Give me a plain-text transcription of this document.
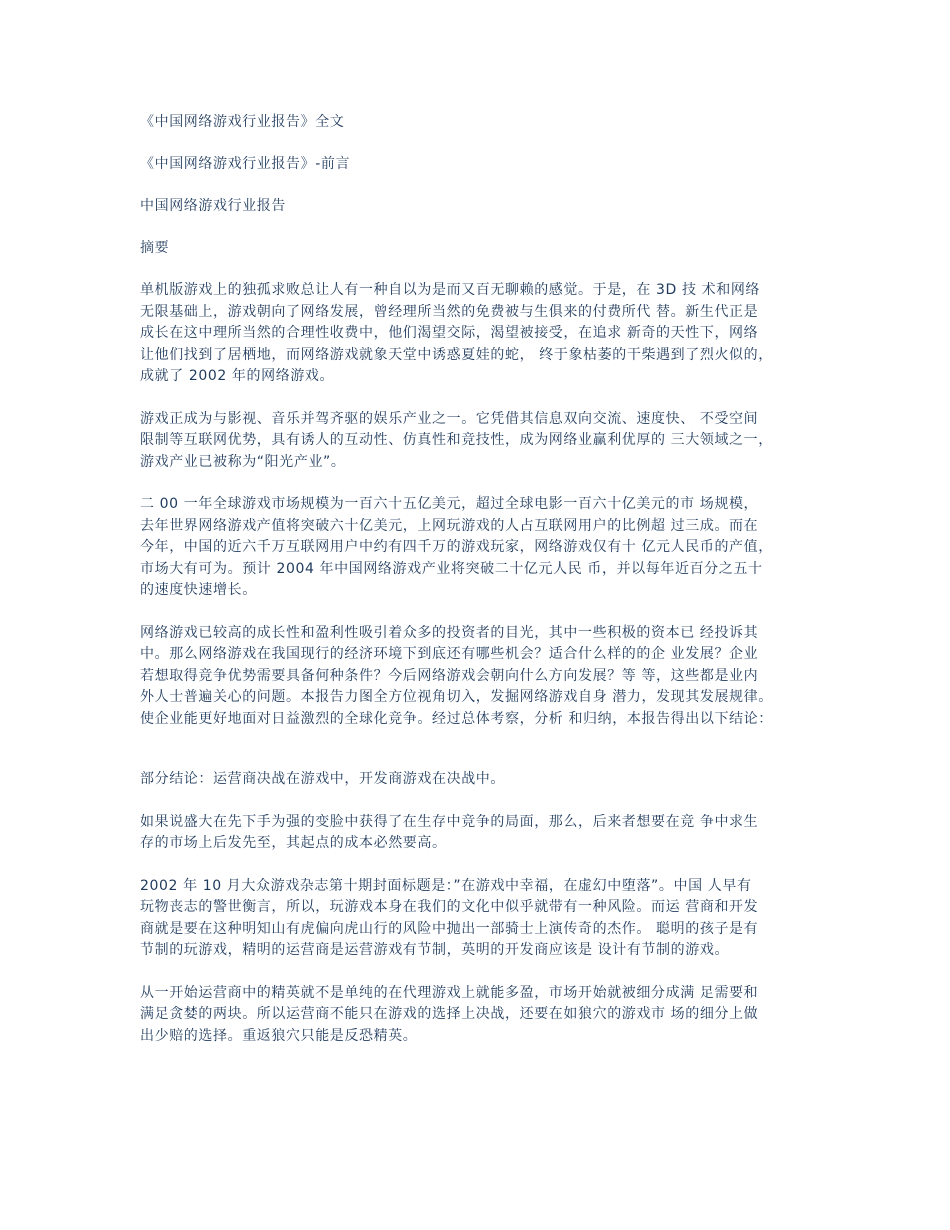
《中国网络游戏行业报告》全文

《中国网络游戏行业报告》-前言

中国网络游戏行业报告

摘要

单机版游戏上的独孤求败总让人有一种自以为是而又百无聊赖的感觉。于是，在 3D 技 术和网络

无限基础上，游戏朝向了网络发展，曾经理所当然的免费被与生俱来的付费所代 替。新生代正是

成长在这中理所当然的合理性收费中，他们渴望交际，渴望被接受，在追求 新奇的天性下，网络

让他们找到了居栖地，而网络游戏就象天堂中诱惑夏娃的蛇， 终于象枯萎的干柴遇到了烈火似的，

成就了 2002 年的网络游戏。

游戏正成为与影视、音乐并驾齐驱的娱乐产业之一。它凭借其信息双向交流、速度快、 不受空间

限制等互联网优势，具有诱人的互动性、仿真性和竞技性，成为网络业赢利优厚的 三大领域之一，

游戏产业已被称为“阳光产业”。

二 00 一年全球游戏市场规模为一百六十五亿美元，超过全球电影一百六十亿美元的市 场规模，

去年世界网络游戏产值将突破六十亿美元，上网玩游戏的人占互联网用户的比例超 过三成。而在

今年，中国的近六千万互联网用户中约有四千万的游戏玩家，网络游戏仅有十 亿元人民币的产值，

市场大有可为。预计 2004 年中国网络游戏产业将突破二十亿元人民 币，并以每年近百分之五十

的速度快速增长。

网络游戏已较高的成长性和盈利性吸引着众多的投资者的目光，其中一些积极的资本已 经投诉其

中。那么网络游戏在我国现行的经济环境下到底还有哪些机会？适合什么样的的企 业发展？企业

若想取得竞争优势需要具备何种条件？今后网络游戏会朝向什么方向发展？等 等，这些都是业内

外人士普遍关心的问题。本报告力图全方位视角切入，发掘网络游戏自身 潜力，发现其发展规律。

使企业能更好地面对日益激烈的全球化竞争。经过总体考察，分析 和归纳，本报告得出以下结论：

部分结论：运营商决战在游戏中，开发商游戏在决战中。

如果说盛大在先下手为强的变脸中获得了在生存中竞争的局面，那么，后来者想要在竞 争中求生

存的市场上后发先至，其起点的成本必然要高。

2002 年 10 月大众游戏杂志第十期封面标题是：”在游戏中幸福，在虚幻中堕落”。中国 人早有

玩物丧志的警世衡言，所以，玩游戏本身在我们的文化中似乎就带有一种风险。而运 营商和开发

商就是要在这种明知山有虎偏向虎山行的风险中抛出一部骑士上演传奇的杰作。 聪明的孩子是有

节制的玩游戏，精明的运营商是运营游戏有节制，英明的开发商应该是 设计有节制的游戏。

从一开始运营商中的精英就不是单纯的在代理游戏上就能多盈，市场开始就被细分成满 足需要和

满足贪婪的两块。所以运营商不能只在游戏的选择上决战，还要在如狼穴的游戏市 场的细分上做

出少赔的选择。重返狼穴只能是反恐精英。
